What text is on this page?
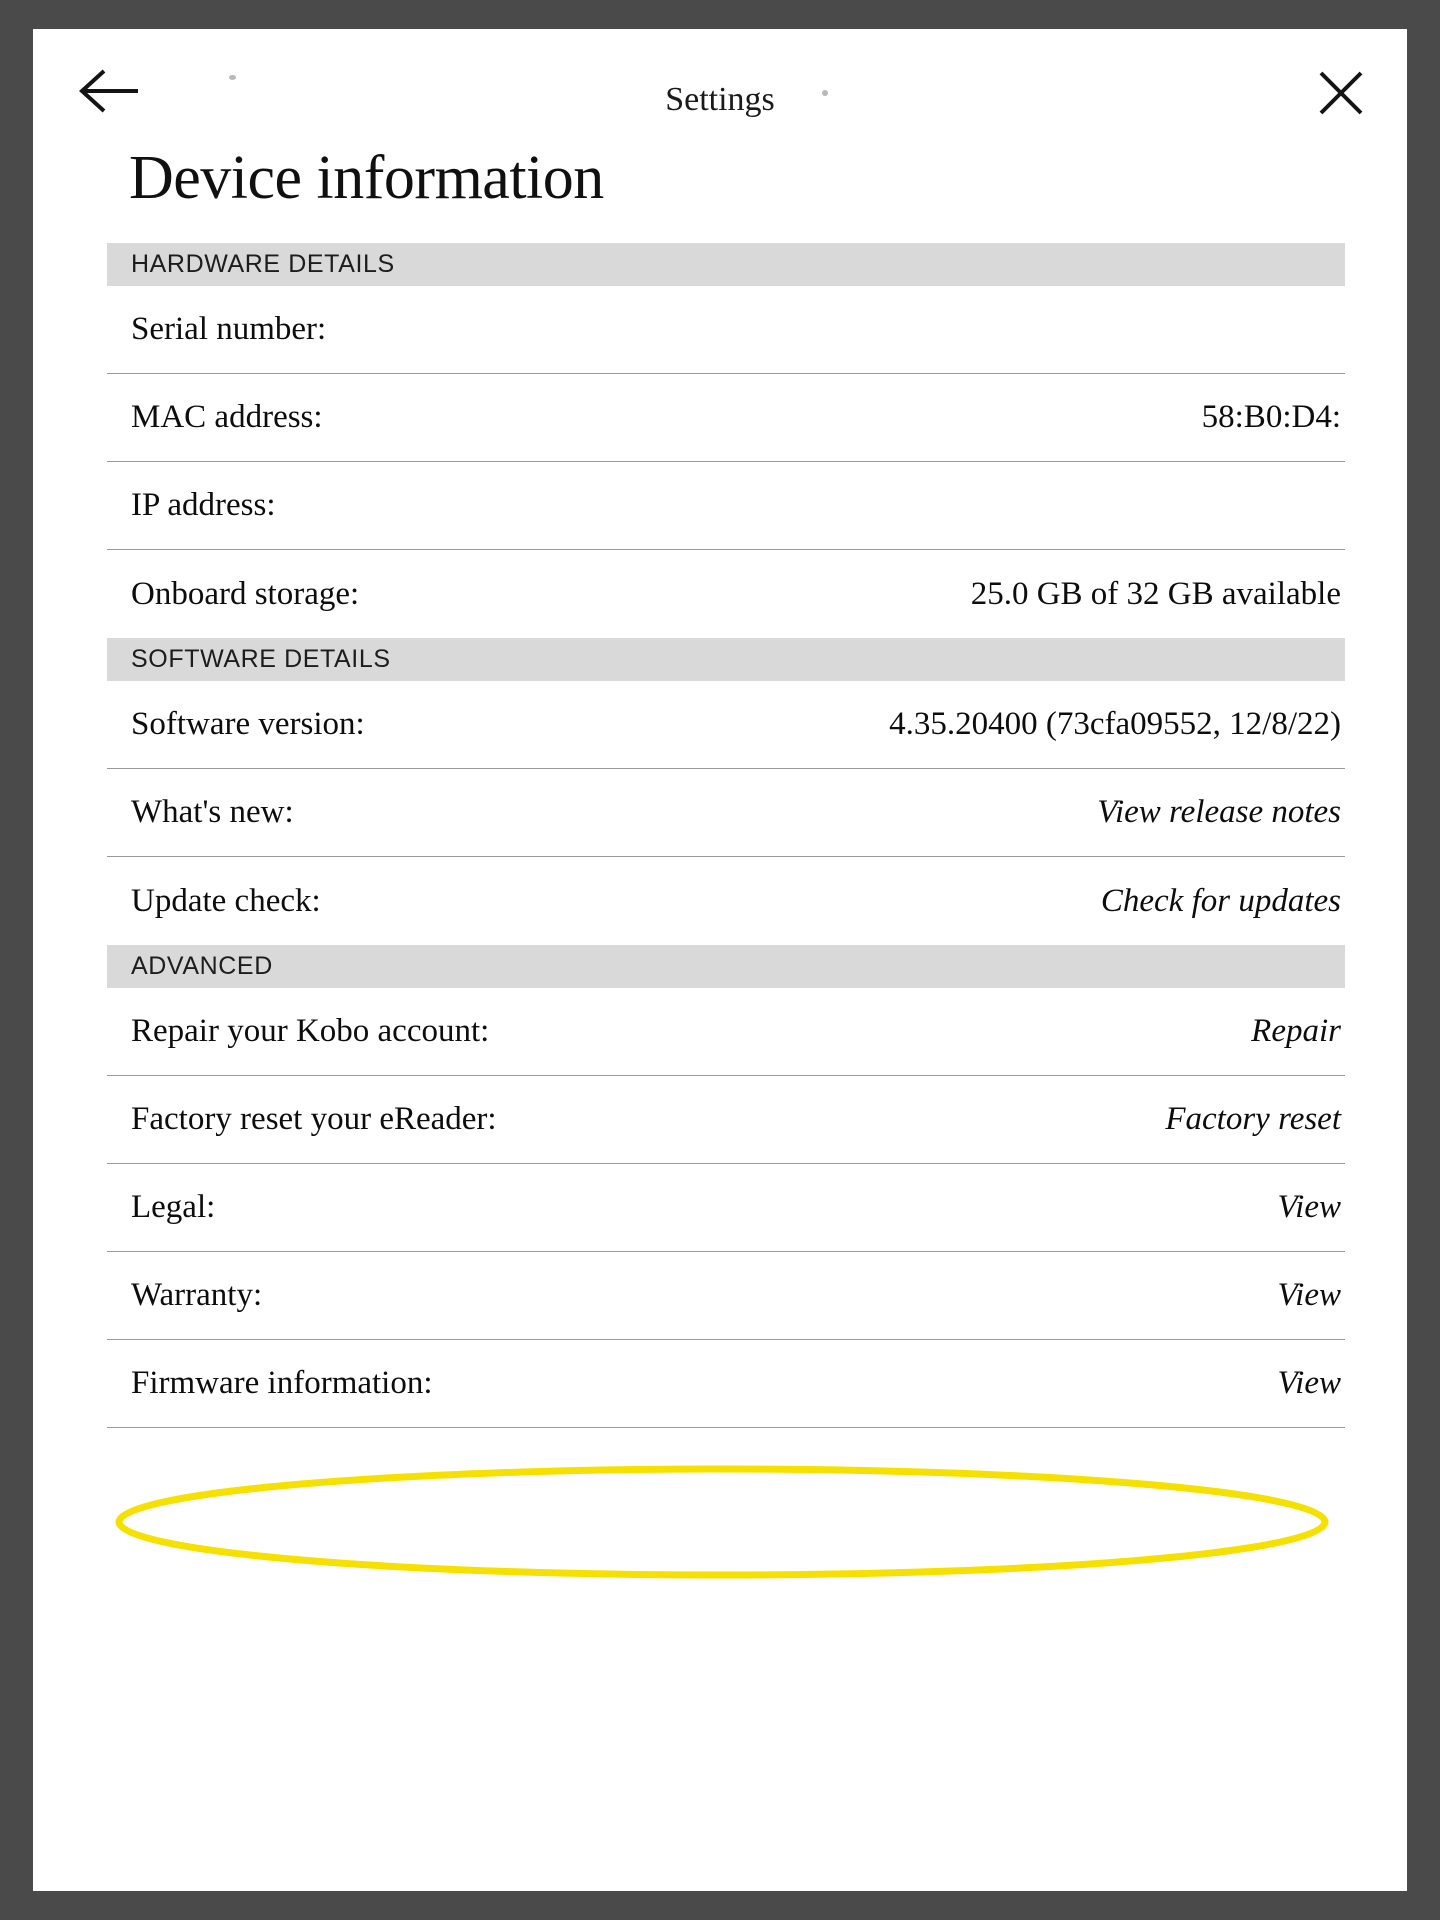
Settings
Device information
HARDWARE DETAILS
Serial number:
MAC address:	58:B0:D4:
IP address:
Onboard storage:	25.0 GB of 32 GB available
SOFTWARE DETAILS
Software version:	4.35.20400 (73cfa09552, 12/8/22)
What's new:	View release notes
Update check:	Check for updates
ADVANCED
Repair your Kobo account:	Repair
Factory reset your eReader:	Factory reset
Legal:	View
Warranty:	View
Firmware information:	View
